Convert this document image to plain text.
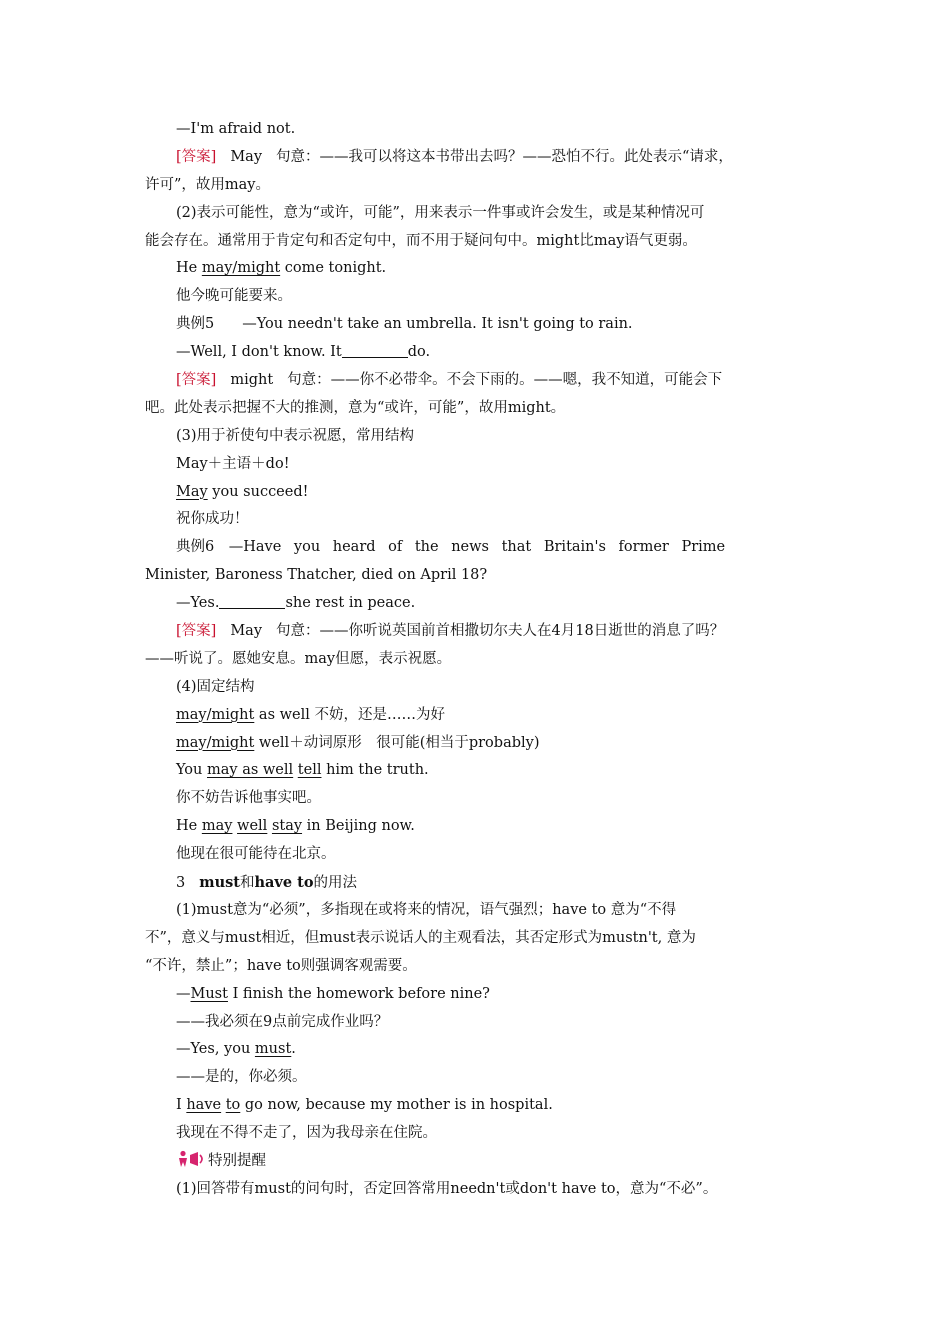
—I'm afraid not.
[答案] May 句意：——我可以将这本书带出去吗？——恐怕不行。此处表示“请求，
许可”，故用may。
(2)表示可能性，意为“或许，可能”，用来表示一件事或许会发生，或是某种情况可
能会存在。通常用于肯定句和否定句中，而不用于疑问句中。might比may语气更弱。
He may/might come tonight.
他今晚可能要来。
典例5 —You needn't take an umbrella. It isn't going to rain.
—Well, I don't know. It	do.
[答案] might 句意：——你不必带伞。不会下雨的。——嗯，我不知道，可能会下
吧。此处表示把握不大的推测，意为“或许，可能”，故用might。
(3)用于祈使句中表示祝愿，常用结构
May＋主语＋do!
May you succeed!
祝你成功！
典例6　—Have you heard of the news that Britain's former Prime
Minister, Baroness Thatcher, died on April 18?
—Yes.	she rest in peace.
[答案] May 句意：——你听说英国前首相撒切尔夫人在4月18日逝世的消息了吗？
——听说了。愿她安息。may但愿，表示祝愿。
(4)固定结构
may/might as well 不妨，还是……为好
may/might well＋动词原形　很可能(相当于probably)
You may as well tell him the truth.
你不妨告诉他事实吧。
He may well stay in Beijing now.
他现在很可能待在北京。
3 must和have to的用法
(1)must意为“必须”，多指现在或将来的情况，语气强烈；have to 意为“不得
不”，意义与must相近，但must表示说话人的主观看法，其否定形式为mustn't, 意为
“不许，禁止”；have to则强调客观需要。
—Must I finish the homework before nine?
——我必须在9点前完成作业吗？
—Yes, you must.
——是的，你必须。
I have to go now, because my mother is in hospital.
我现在不得不走了，因为我母亲在住院。
特别提醒
(1)回答带有must的问句时，否定回答常用needn't或don't have to，意为“不必”。
